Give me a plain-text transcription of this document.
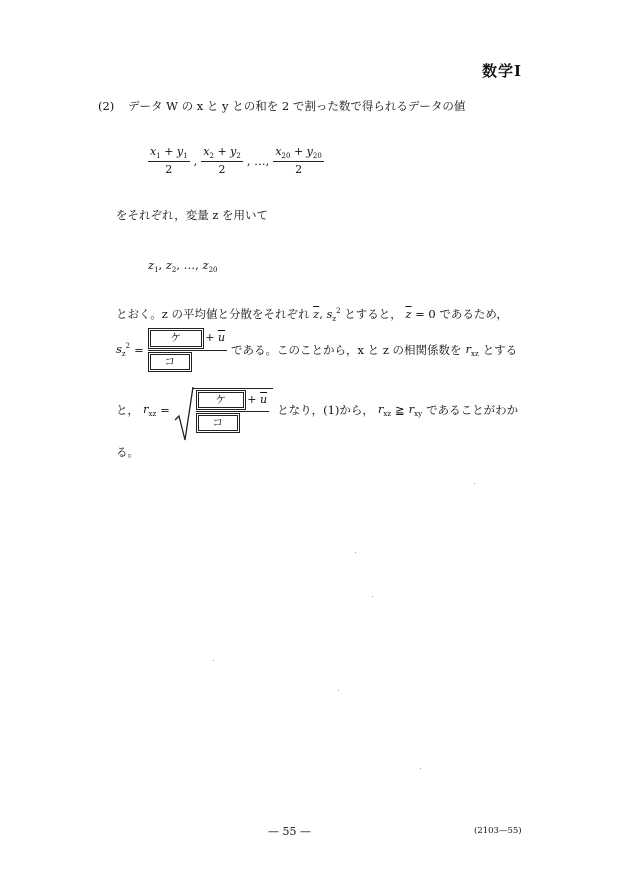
数学Ⅰ
(2) データ W の x と y との和を 2 で割った数で得られるデータの値
$\frac{x_1 + y_1}{2}$ , $\frac{x_2 + y_2}{2}$ , …, $\frac{x_{20} + y_{20}}{2}$
をそれぞれ，変量 z を用いて
$z_1$, $z_2$, …, $z_{20}$
とおく。z の平均値と分散をそれぞれ $\overline{z}$, $s_z^2$ とすると， $\overline{z} = 0$ であるため，
$s_z^2 = \frac{ケ + \overline{u}}{\text{コ}}$ である。このことから，x と z の相関係数を $r_{xz}$ とする
と， $r_{xz} = \frac{ケ + \overline{u}}{\text{コ}}$ となり，(1)から， $r_{xz}$ ≧ $r_{xy}$ であることがわか
る。
— 55 —	(2103—55)
